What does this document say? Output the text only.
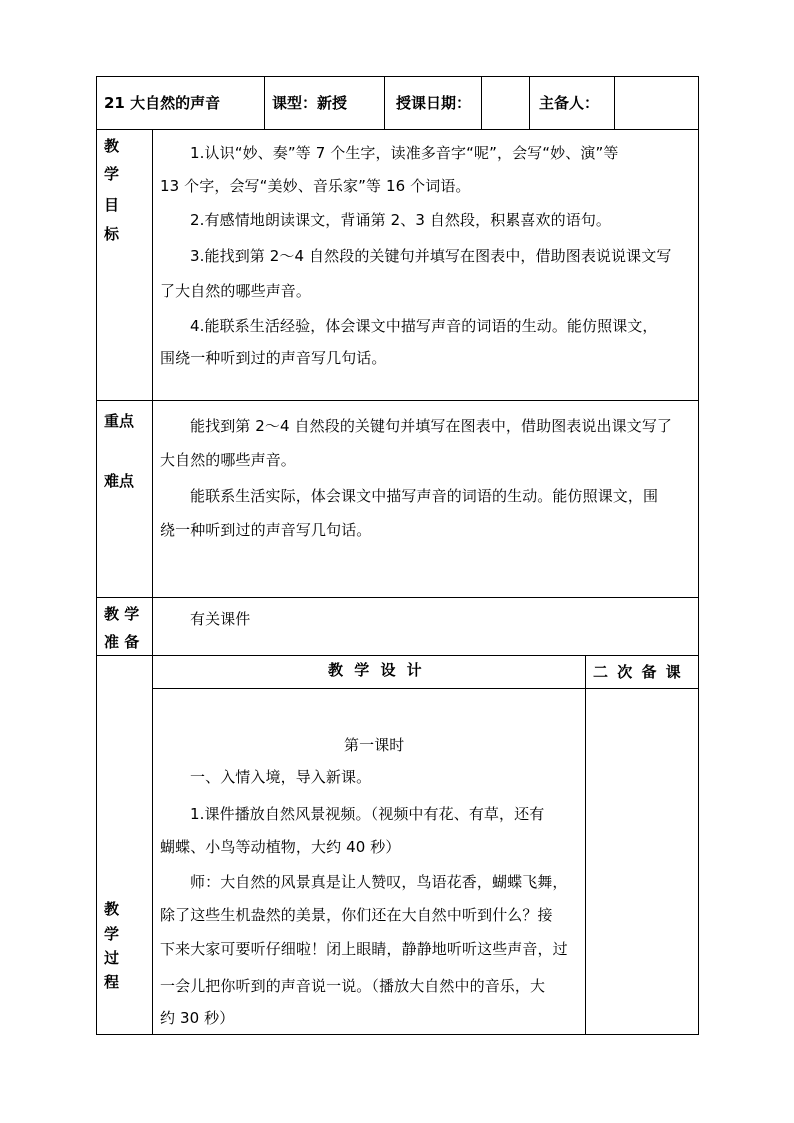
21 大自然的声音	课型：新授	授课日期：	主备人：
教
学
目
标
1.认识“妙、奏”等 7 个生字，读准多音字“呢”，会写“妙、演”等
13 个字，会写“美妙、音乐家”等 16 个词语。
2.有感情地朗读课文，背诵第 2、3 自然段，积累喜欢的语句。
3.能找到第 2～4 自然段的关键句并填写在图表中，借助图表说说课文写
了大自然的哪些声音。
4.能联系生活经验，体会课文中描写声音的词语的生动。能仿照课文，
围绕一种听到过的声音写几句话。
重点
难点
能找到第 2～4 自然段的关键句并填写在图表中，借助图表说出课文写了
大自然的哪些声音。
能联系生活实际，体会课文中描写声音的词语的生动。能仿照课文，围
绕一种听到过的声音写几句话。
教 学
准 备
有关课件
教
学
过
程
教 学 设 计	二 次 备 课
第一课时
一、入情入境，导入新课。
1.课件播放自然风景视频。（视频中有花、有草，还有
蝴蝶、小鸟等动植物，大约 40 秒）
师：大自然的风景真是让人赞叹，鸟语花香，蝴蝶飞舞，
除了这些生机盎然的美景，你们还在大自然中听到什么？接
下来大家可要听仔细啦！闭上眼睛，静静地听听这些声音，过
一会儿把你听到的声音说一说。（播放大自然中的音乐，大
约 30 秒）
